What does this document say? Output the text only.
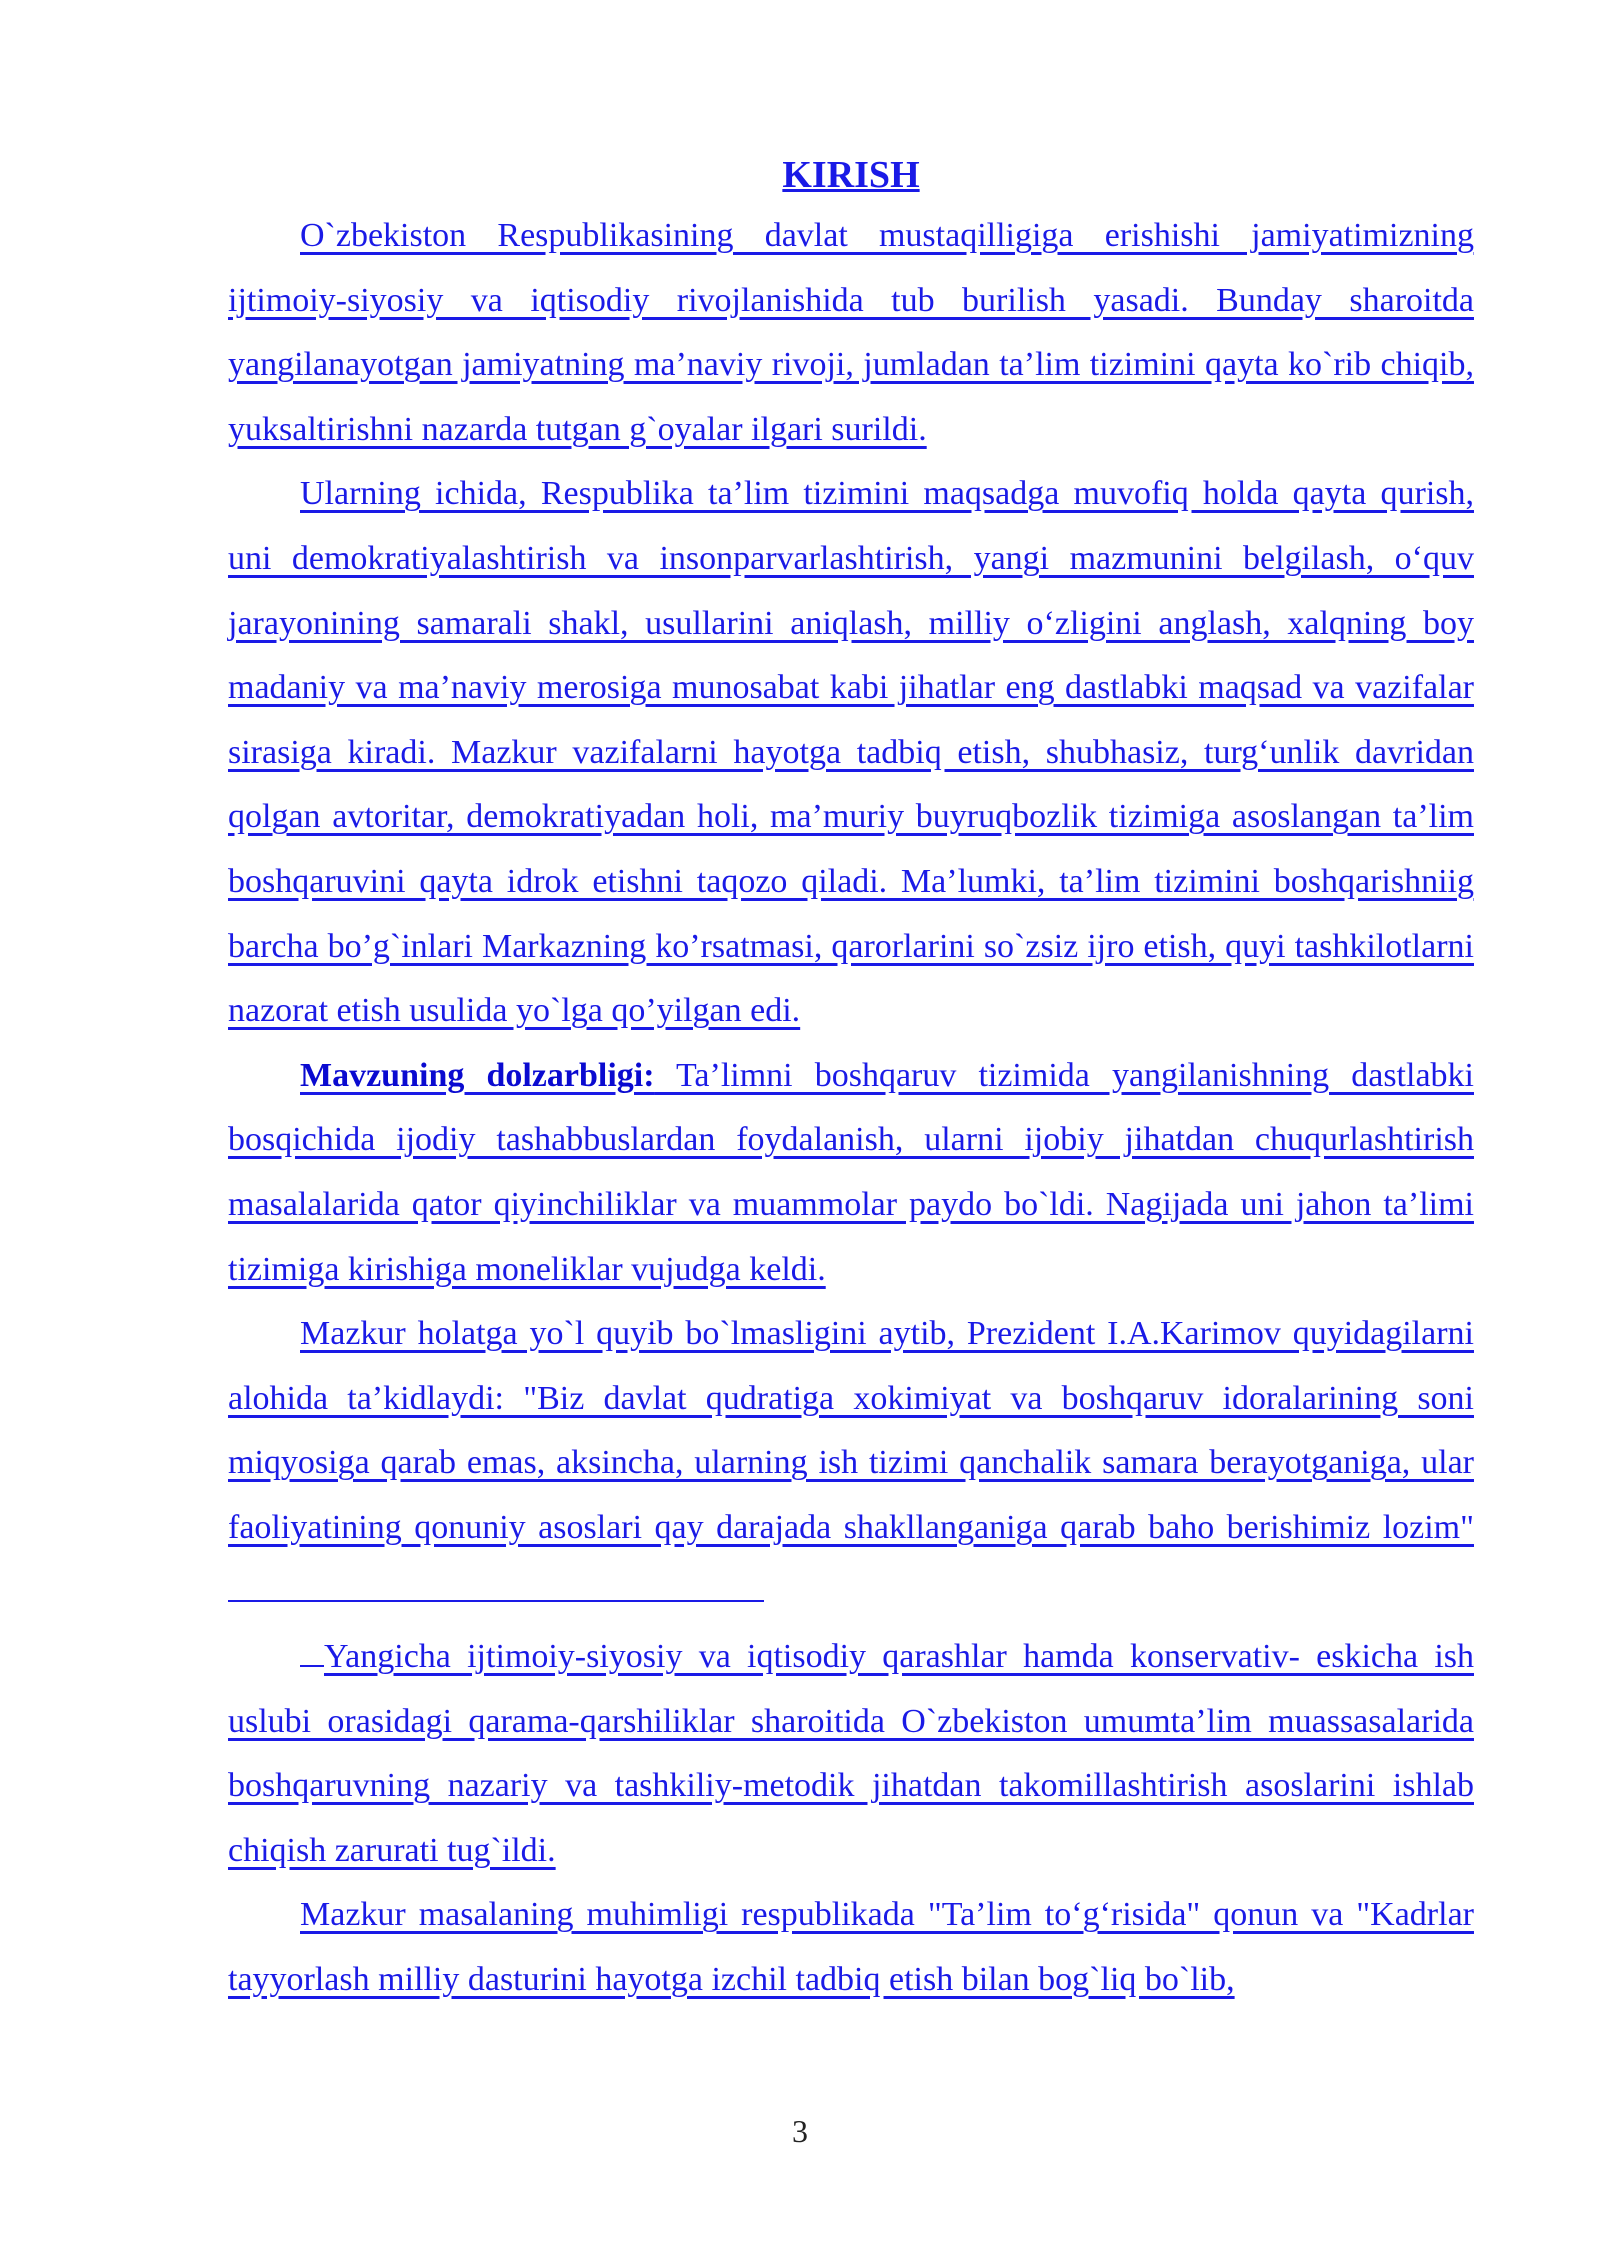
KIRISH

O`zbekiston Respublikasining davlat mustaqilligiga erishishi jamiyatimizning ijtimoiy-siyosiy va iqtisodiy rivojlanishida tub burilish yasadi. Bunday sharoitda yangilanayotgan jamiyatning ma’naviy rivoji, jumladan ta’lim tizimini qayta ko`rib chiqib, yuksaltirishni nazarda tutgan g`oyalar ilgari surildi.

Ularning ichida, Respublika ta’lim tizimini maqsadga muvofiq holda qayta qurish, uni demokratiyalashtirish va insonparvarlashtirish, yangi mazmunini belgilash, o‘quv jarayonining samarali shakl, usullarini aniqlash, milliy o‘zligini anglash, xalqning boy madaniy va ma’naviy merosiga munosabat kabi jihatlar eng dastlabki maqsad va vazifalar sirasiga kiradi. Mazkur vazifalarni hayotga tadbiq etish, shubhasiz, turg‘unlik davridan qolgan avtoritar, demokratiyadan holi, ma’muriy buyruqbozlik tizimiga asoslangan ta’lim boshqaruvini qayta idrok etishni taqozo qiladi. Ma’lumki, ta’lim tizimini boshqarishniig barcha bo’g`inlari Markazning ko’rsatmasi, qarorlarini so`zsiz ijro etish, quyi tashkilotlarni nazorat etish usulida yo`lga qo’yilgan edi.

Mavzuning dolzarbligi: Ta’limni boshqaruv tizimida yangilanishning dastlabki bosqichida ijodiy tashabbuslardan foydalanish, ularni ijobiy jihatdan chuqurlashtirish masalalarida qator qiyinchiliklar va muammolar paydo bo`ldi. Nagijada uni jahon ta’limi tizimiga kirishiga moneliklar vujudga keldi.

Mazkur holatga yo`l quyib bo`lmasligini aytib, Prezident I.A.Karimov quyidagilarni alohida ta’kidlaydi: "Biz davlat qudratiga xokimiyat va boshqaruv idoralarining soni miqyosiga qarab emas, aksincha, ularning ish tizimi qanchalik samara berayotganiga, ular faoliyatining qonuniy asoslari qay darajada shakllanganiga qarab baho berishimiz lozim"

Yangicha ijtimoiy-siyosiy va iqtisodiy qarashlar hamda konservativ- eskicha ish uslubi orasidagi qarama-qarshiliklar sharoitida O`zbekiston umumta’lim muassasalarida boshqaruvning nazariy va tashkiliy-metodik jihatdan takomillashtirish asoslarini ishlab chiqish zarurati tug`ildi.

Mazkur masalaning muhimligi respublikada "Ta’lim to‘g‘risida" qonun va "Kadrlar tayyorlash milliy dasturini hayotga izchil tadbiq etish bilan bog`liq bo`lib,

3
